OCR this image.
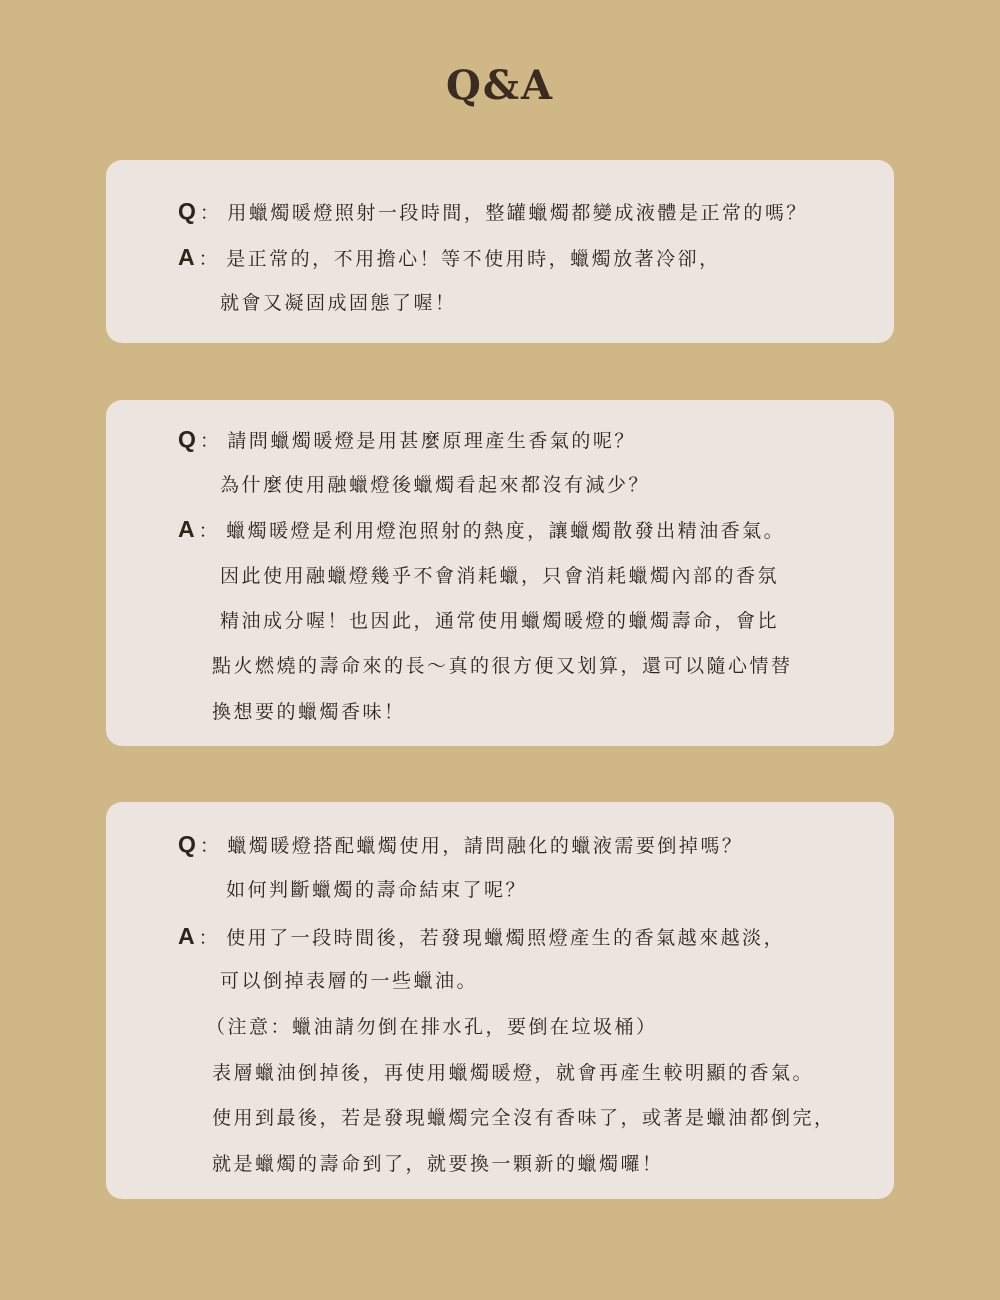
Q&A
Q ： 用蠟燭暖燈照射一段時間，整罐蠟燭都變成液體是正常的嗎？
A ： 是正常的，不用擔心！等不使用時，蠟燭放著冷卻，
就會又凝固成固態了喔！
Q ： 請問蠟燭暖燈是用甚麼原理產生香氣的呢？
為什麼使用融蠟燈後蠟燭看起來都沒有減少？
A ： 蠟燭暖燈是利用燈泡照射的熱度，讓蠟燭散發出精油香氣。
因此使用融蠟燈幾乎不會消耗蠟，只會消耗蠟燭內部的香氛
精油成分喔！也因此，通常使用蠟燭暖燈的蠟燭壽命，會比
點火燃燒的壽命來的長～真的很方便又划算，還可以隨心情替
換想要的蠟燭香味！
Q ： 蠟燭暖燈搭配蠟燭使用，請問融化的蠟液需要倒掉嗎？
如何判斷蠟燭的壽命結束了呢？
A ： 使用了一段時間後，若發現蠟燭照燈產生的香氣越來越淡，
可以倒掉表層的一些蠟油。
（注意：蠟油請勿倒在排水孔，要倒在垃圾桶）
表層蠟油倒掉後，再使用蠟燭暖燈，就會再產生較明顯的香氣。
使用到最後，若是發現蠟燭完全沒有香味了，或著是蠟油都倒完，
就是蠟燭的壽命到了，就要換一顆新的蠟燭囉！
